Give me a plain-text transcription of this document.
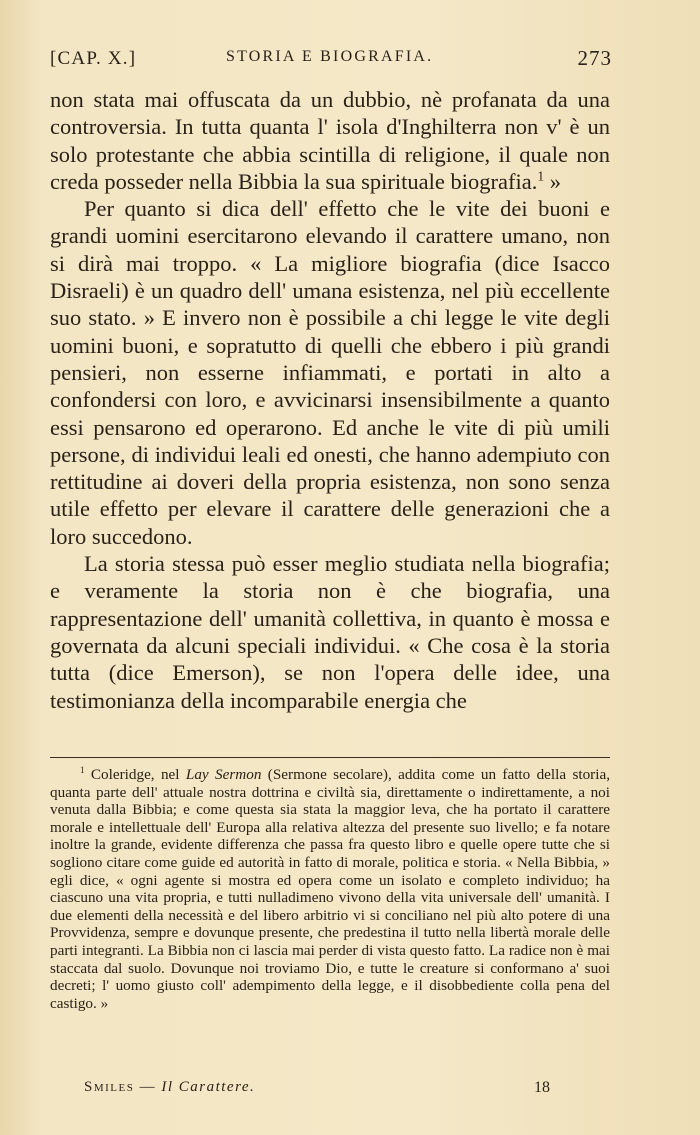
[CAP. X.]	STORIA E BIOGRAFIA.	273

non stata mai offuscata da un dubbio, nè profanata da una controversia. In tutta quanta l' isola d'Inghilterra non v' è un solo protestante che abbia scintilla di religione, il quale non creda posseder nella Bibbia la sua spirituale biografia.$^1$ »

Per quanto si dica dell' effetto che le vite dei buoni e grandi uomini esercitarono elevando il carattere umano, non si dirà mai troppo. « La migliore biografia (dice Isacco Disraeli) è un quadro dell' umana esistenza, nel più eccellente suo stato. » E invero non è possibile a chi legge le vite degli uomini buoni, e sopratutto di quelli che ebbero i più grandi pensieri, non esserne infiammati, e portati in alto a confondersi con loro, e avvicinarsi insensibilmente a quanto essi pensarono ed operarono. Ed anche le vite di più umili persone, di individui leali ed onesti, che hanno adempiuto con rettitudine ai doveri della propria esistenza, non sono senza utile effetto per elevare il carattere delle generazioni che a loro succedono.

La storia stessa può esser meglio studiata nella biografia; e veramente la storia non è che biografia, una rappresentazione dell' umanità collettiva, in quanto è mossa e governata da alcuni speciali individui. « Che cosa è la storia tutta (dice Emerson), se non l'opera delle idee, una testimonianza della incomparabile energia che

$^1$ Coleridge, nel Lay Sermon (Sermone secolare), addita come un fatto della storia, quanta parte dell' attuale nostra dottrina e civiltà sia, direttamente o indirettamente, a noi venuta dalla Bibbia; e come questa sia stata la maggior leva, che ha portato il carattere morale e intellettuale dell' Europa alla relativa altezza del presente suo livello; e fa notare inoltre la grande, evidente differenza che passa fra questo libro e quelle opere tutte che si sogliono citare come guide ed autorità in fatto di morale, politica e storia. « Nella Bibbia, » egli dice, « ogni agente si mostra ed opera come un isolato e completo individuo; ha ciascuno una vita propria, e tutti nulladimeno vivono della vita universale dell' umanità. I due elementi della necessità e del libero arbitrio vi si conciliano nel più alto potere di una Provvidenza, sempre e dovunque presente, che predestina il tutto nella libertà morale delle parti integranti. La Bibbia non ci lascia mai perder di vista questo fatto. La radice non è mai staccata dal suolo. Dovunque noi troviamo Dio, e tutte le creature si conformano a' suoi decreti; l' uomo giusto coll' adempimento della legge, e il disobbediente colla pena del castigo. »

Smiles — Il Carattere.	18
